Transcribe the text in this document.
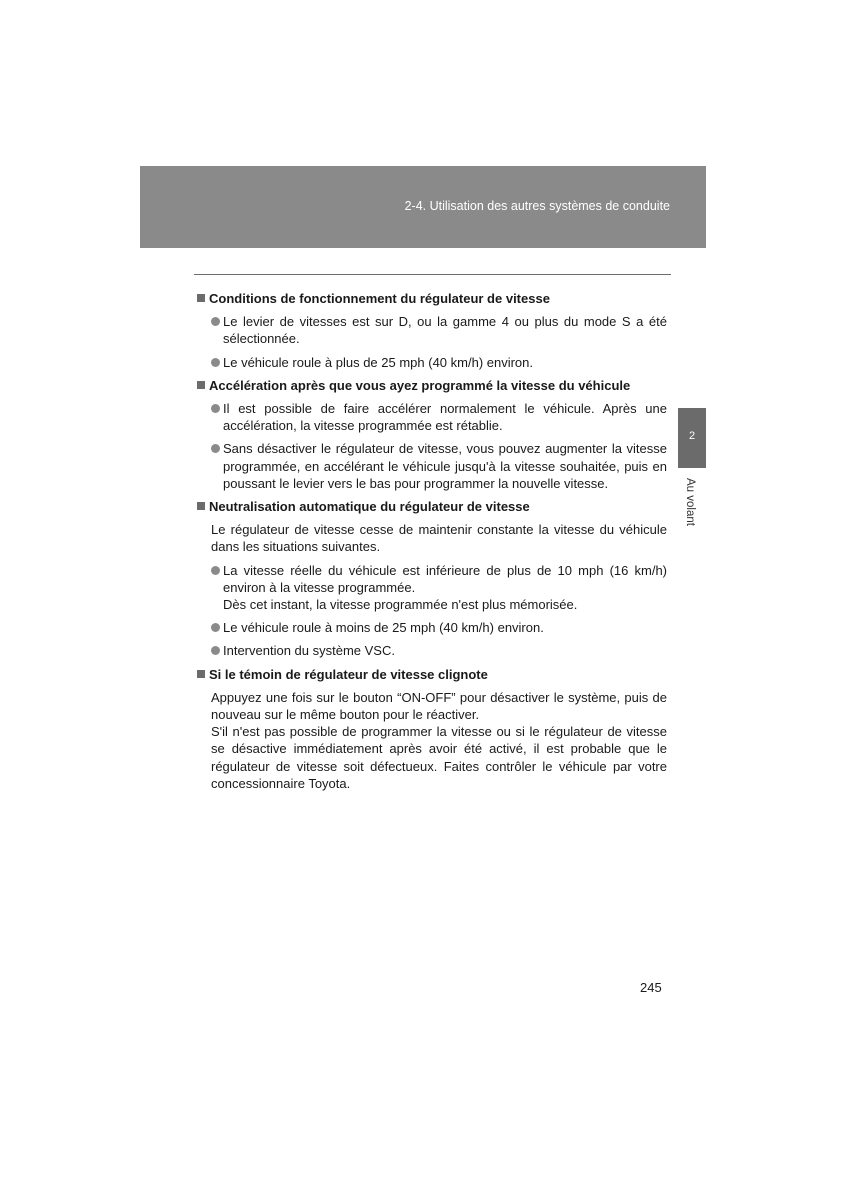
2-4. Utilisation des autres systèmes de conduite
2
Au volant
Conditions de fonctionnement du régulateur de vitesse
Le levier de vitesses est sur D, ou la gamme 4 ou plus du mode S a été sélectionnée.
Le véhicule roule à plus de 25 mph (40 km/h) environ.
Accélération après que vous ayez programmé la vitesse du véhicule
Il est possible de faire accélérer normalement le véhicule. Après une accélération, la vitesse programmée est rétablie.
Sans désactiver le régulateur de vitesse, vous pouvez augmenter la vitesse programmée, en accélérant le véhicule jusqu'à la vitesse souhaitée, puis en poussant le levier vers le bas pour programmer la nouvelle vitesse.
Neutralisation automatique du régulateur de vitesse
Le régulateur de vitesse cesse de maintenir constante la vitesse du véhicule dans les situations suivantes.
La vitesse réelle du véhicule est inférieure de plus de 10 mph (16 km/h) environ à la vitesse programmée.
Dès cet instant, la vitesse programmée n'est plus mémorisée.
Le véhicule roule à moins de 25 mph (40 km/h) environ.
Intervention du système VSC.
Si le témoin de régulateur de vitesse clignote
Appuyez une fois sur le bouton “ON-OFF” pour désactiver le système, puis de nouveau sur le même bouton pour le réactiver.
S'il n'est pas possible de programmer la vitesse ou si le régulateur de vitesse se désactive immédiatement après avoir été activé, il est probable que le régulateur de vitesse soit défectueux. Faites contrôler le véhicule par votre concessionnaire Toyota.
245
